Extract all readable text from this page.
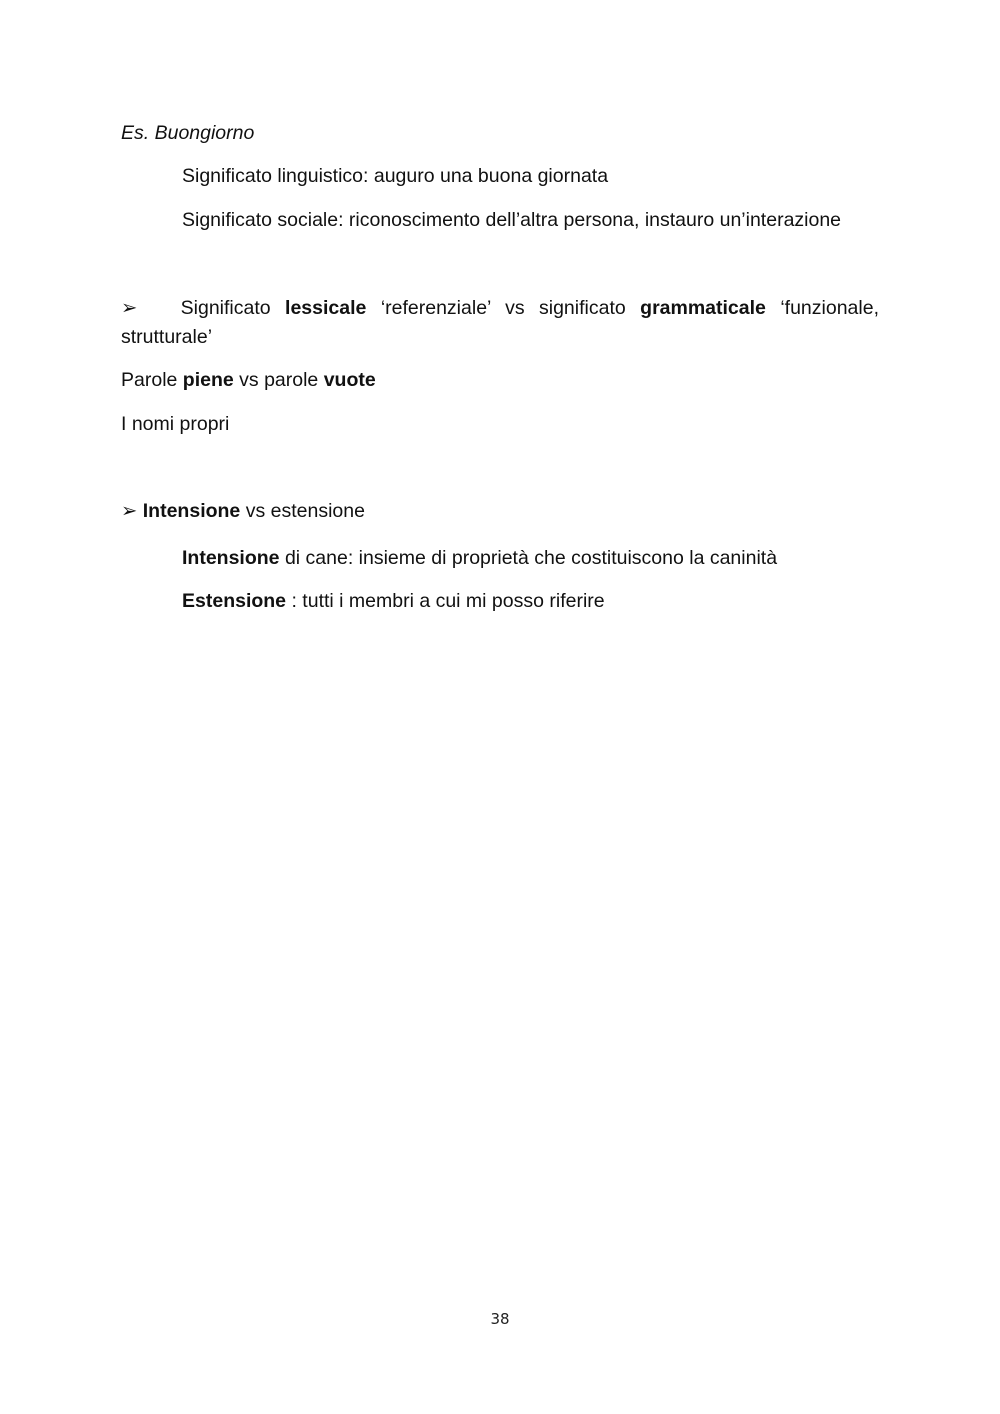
Es. Buongiorno
Significato linguistico: auguro una buona giornata
Significato sociale: riconoscimento dell’altra persona, instauro un’interazione
➢ Significato lessicale ‘referenziale’ vs significato grammaticale ‘funzionale, strutturale’
Parole piene vs parole vuote
I nomi propri
➢ Intensione vs estensione
Intensione di cane: insieme di proprietà che costituiscono la caninità
Estensione : tutti i membri a cui mi posso riferire
38
